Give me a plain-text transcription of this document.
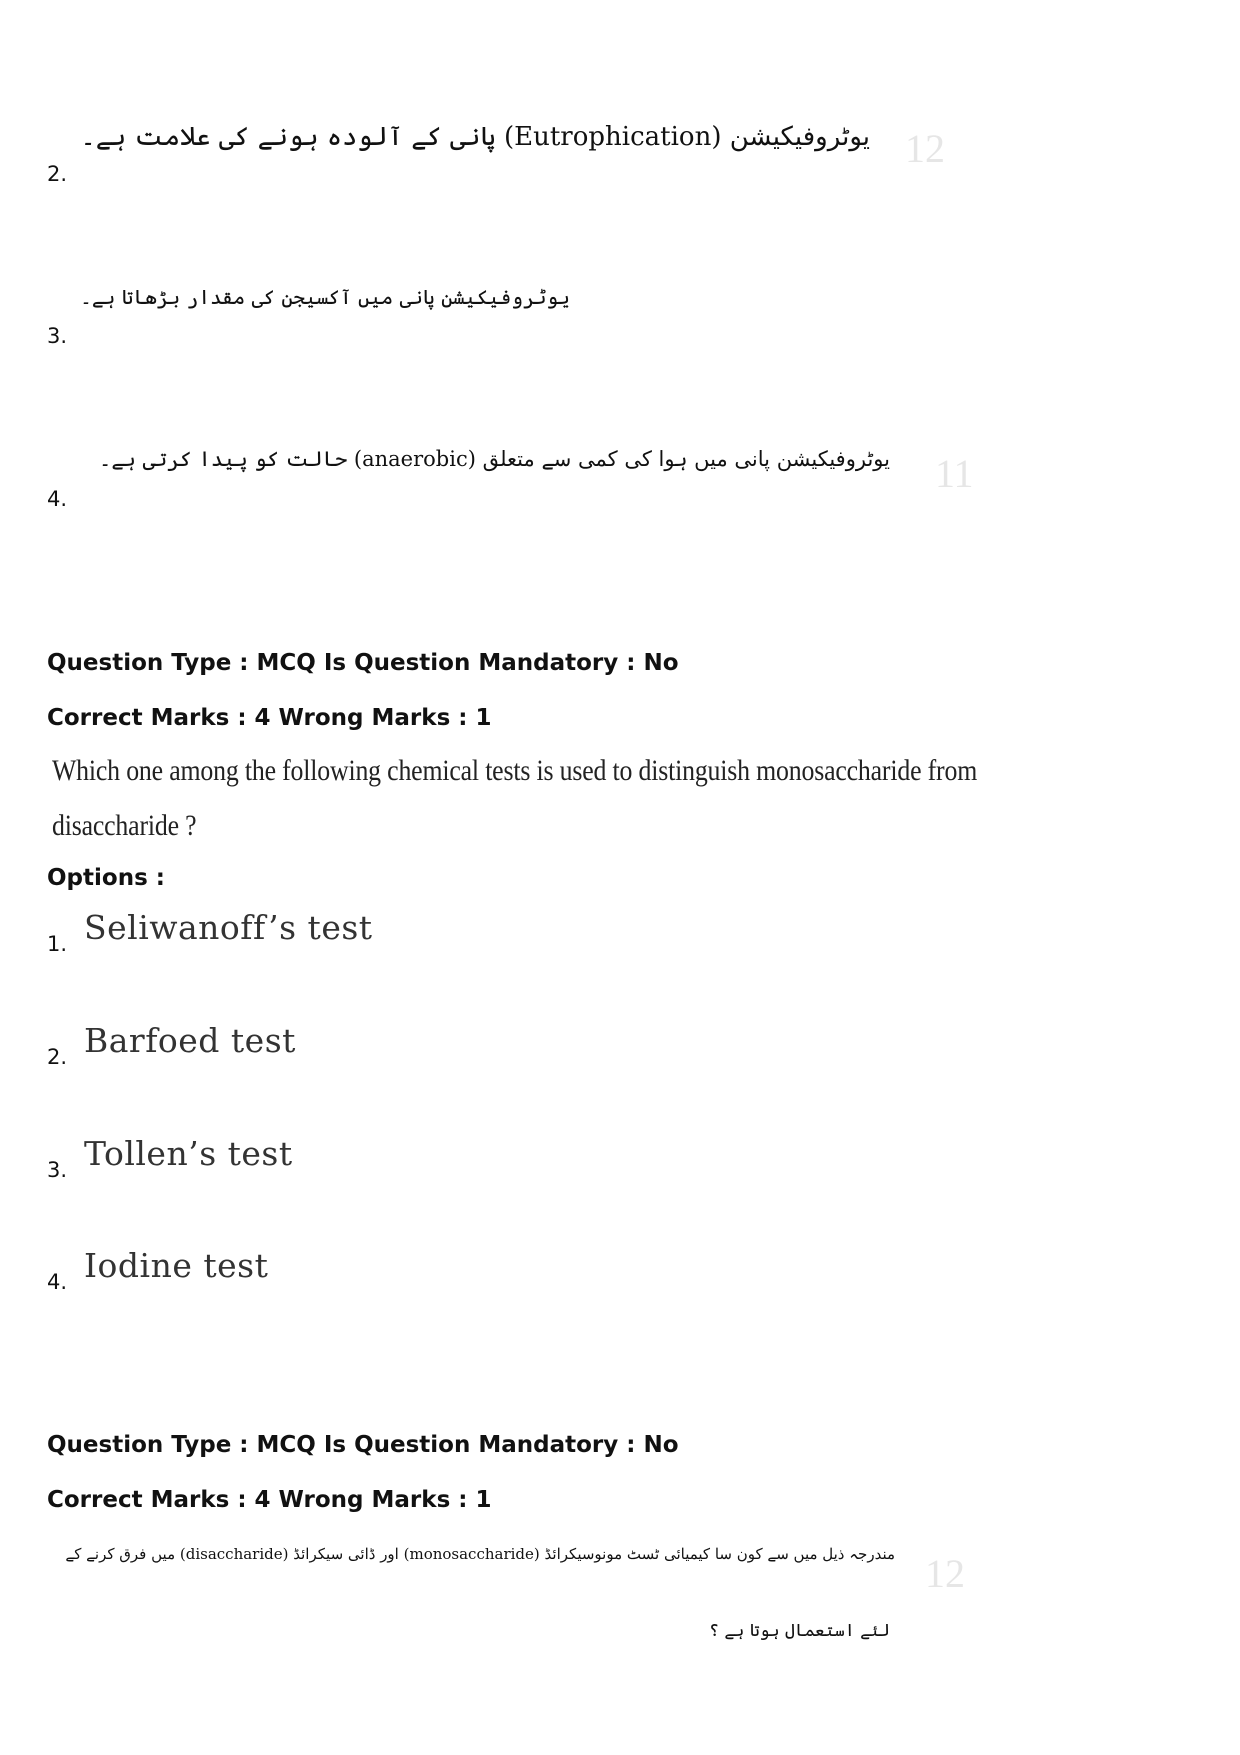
2.
یوٹروفیکیشن (Eutrophication) پانی کے آلودہ ہونے کی علامت ہے۔ 12
3.
یوٹروفیکیشن پانی میں آکسیجن کی مقدار بڑھاتا ہے۔
4.
یوٹروفیکیشن پانی میں ہوا کی کمی سے متعلق (anaerobic) حالت کو پیدا کرتی ہے۔ 11
Question Type : MCQ Is Question Mandatory : No
Correct Marks : 4 Wrong Marks : 1
Which one among the following chemical tests is used to distinguish monosaccharide from
disaccharide ?
Options :
1. Seliwanoff’s test
2. Barfoed test
3. Tollen’s test
4. Iodine test
Question Type : MCQ Is Question Mandatory : No
Correct Marks : 4 Wrong Marks : 1
مندرجہ ذیل میں سے کون سا کیمیائی ٹسٹ مونوسیکرائڈ (monosaccharide) اور ڈائی سیکرائڈ (disaccharide) میں فرق کرنے کے 12
لئے استعمال ہوتا ہے ؟
